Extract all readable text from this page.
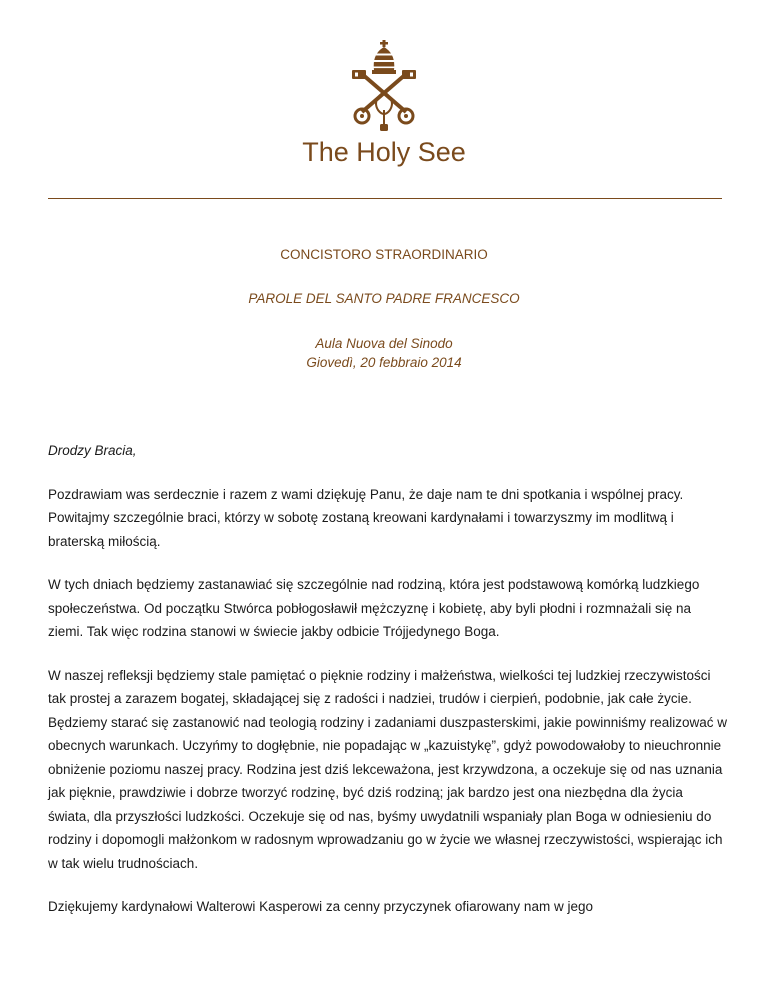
The Holy See
CONCISTORO STRAORDINARIO
PAROLE DEL SANTO PADRE FRANCESCO
Aula Nuova del Sinodo
Giovedì, 20 febbraio 2014

Drodzy Bracia,

Pozdrawiam was serdecznie i razem z wami dziękuję Panu, że daje nam te dni spotkania i wspólnej pracy. Powitajmy szczególnie braci, którzy w sobotę zostaną kreowani kardynałami i towarzyszmy im modlitwą i braterską miłością.

W tych dniach będziemy zastanawiać się szczególnie nad rodziną, która jest podstawową komórką ludzkiego społeczeństwa. Od początku Stwórca pobłogosławił mężczyznę i kobietę, aby byli płodni i rozmnażali się na ziemi. Tak więc rodzina stanowi w świecie jakby odbicie Trójjedynego Boga.

W naszej refleksji będziemy stale pamiętać o pięknie rodziny i małżeństwa, wielkości tej ludzkiej rzeczywistości tak prostej a zarazem bogatej, składającej się z radości i nadziei, trudów i cierpień, podobnie, jak całe życie. Będziemy starać się zastanowić nad teologią rodziny i zadaniami duszpasterskimi, jakie powinniśmy realizować w obecnych warunkach. Uczyńmy to dogłębnie, nie popadając w „kazuistykę”, gdyż powodowałoby to nieuchronnie obniżenie poziomu naszej pracy. Rodzina jest dziś lekceważona, jest krzywdzona, a oczekuje się od nas uznania jak pięknie, prawdziwie i dobrze tworzyć rodzinę, być dziś rodziną; jak bardzo jest ona niezbędna dla życia świata, dla przyszłości ludzkości. Oczekuje się od nas, byśmy uwydatnili wspaniały plan Boga w odniesieniu do rodziny i dopomogli małżonkom w radosnym wprowadzaniu go w życie we własnej rzeczywistości, wspierając ich w tak wielu trudnościach.

Dziękujemy kardynałowi Walterowi Kasperowi za cenny przyczynek ofiarowany nam w jego
